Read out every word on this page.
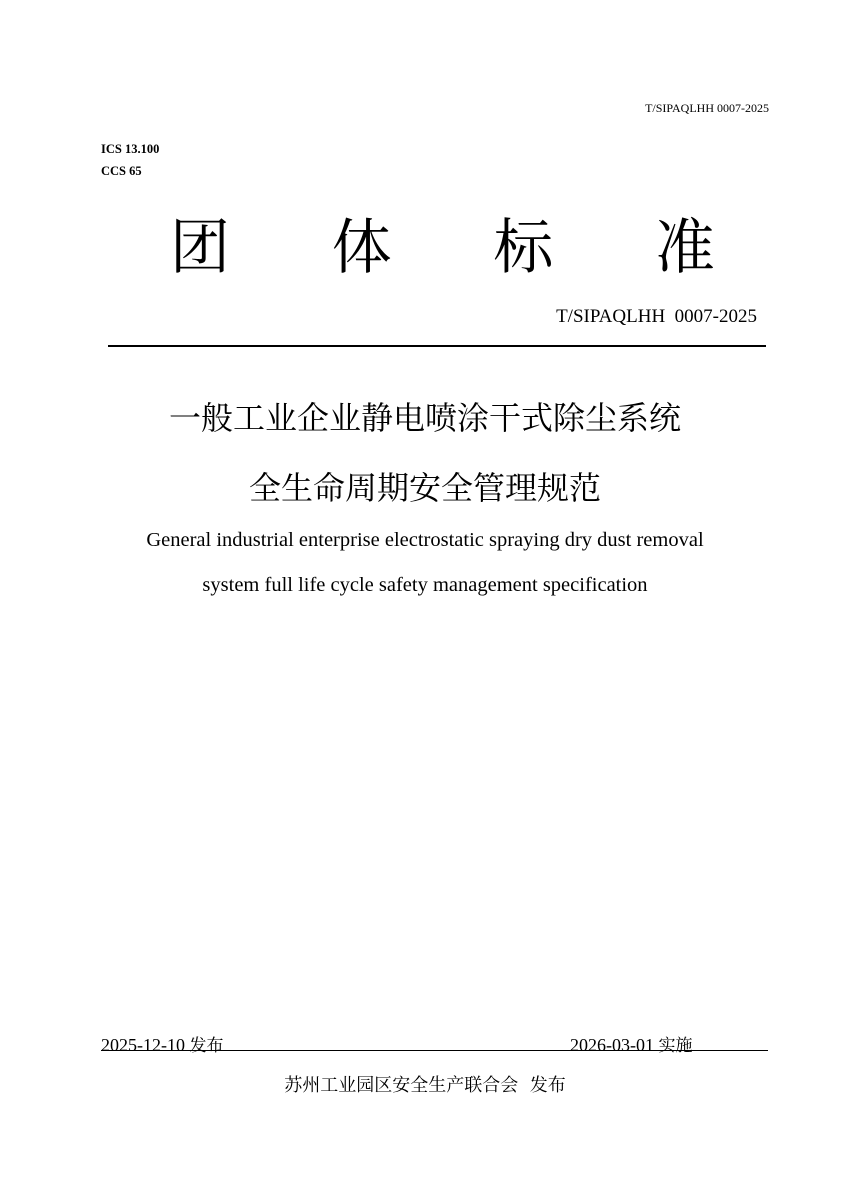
T/SIPAQLHH 0007-2025
ICS 13.100
CCS 65
团 体 标 准
T/SIPAQLHH  0007-2025
一般工业企业静电喷涂干式除尘系统
全生命周期安全管理规范
General industrial enterprise electrostatic spraying dry dust removal
system full life cycle safety management specification
2025-12-10 发布	2026-03-01 实施
苏州工业园区安全生产联合会  发布
